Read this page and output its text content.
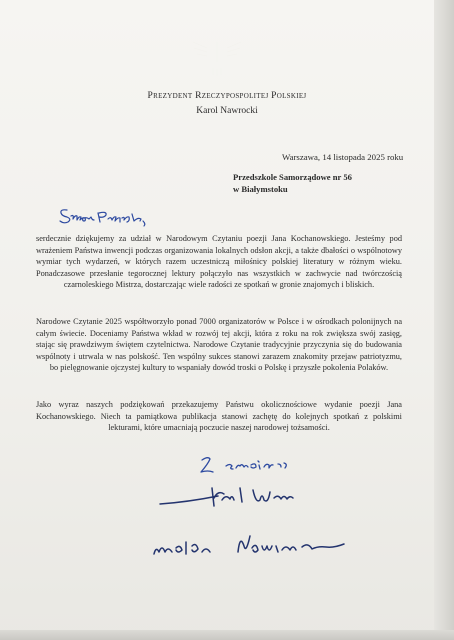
Prezydent Rzeczypospolitej Polskiej
Karol Nawrocki
Warszawa, 14 listopada 2025 roku
Przedszkole Samorządowe nr 56
w Białymstoku
serdecznie dziękujemy za udział w Narodowym Czytaniu poezji Jana Kochanowskiego. Jesteśmy pod wrażeniem Państwa inwencji podczas organizowania lokalnych odsłon akcji, a także dbałości o wspólnotowy wymiar tych wydarzeń, w których razem uczestniczą miłośnicy polskiej literatury w różnym wieku. Ponadczasowe przesłanie tegorocznej lektury połączyło nas wszystkich w zachwycie nad twórczością czarnoleskiego Mistrza, dostarczając wiele radości ze spotkań w gronie znajomych i bliskich.
Narodowe Czytanie 2025 współtworzyło ponad 7000 organizatorów w Polsce i w ośrodkach polonijnych na całym świecie. Doceniamy Państwa wkład w rozwój tej akcji, która z roku na rok zwiększa swój zasięg, stając się prawdziwym świętem czytelnictwa. Narodowe Czytanie tradycyjnie przyczynia się do budowania wspólnoty i utrwala w nas polskość. Ten wspólny sukces stanowi zarazem znakomity przejaw patriotyzmu, bo pielęgnowanie ojczystej kultury to wspaniały dowód troski o Polskę i przyszłe pokolenia Polaków.
Jako wyraz naszych podziękowań przekazujemy Państwu okolicznościowe wydanie poezji Jana Kochanowskiego. Niech ta pamiątkowa publikacja stanowi zachętę do kolejnych spotkań z polskimi lekturami, które umacniają poczucie naszej narodowej tożsamości.
